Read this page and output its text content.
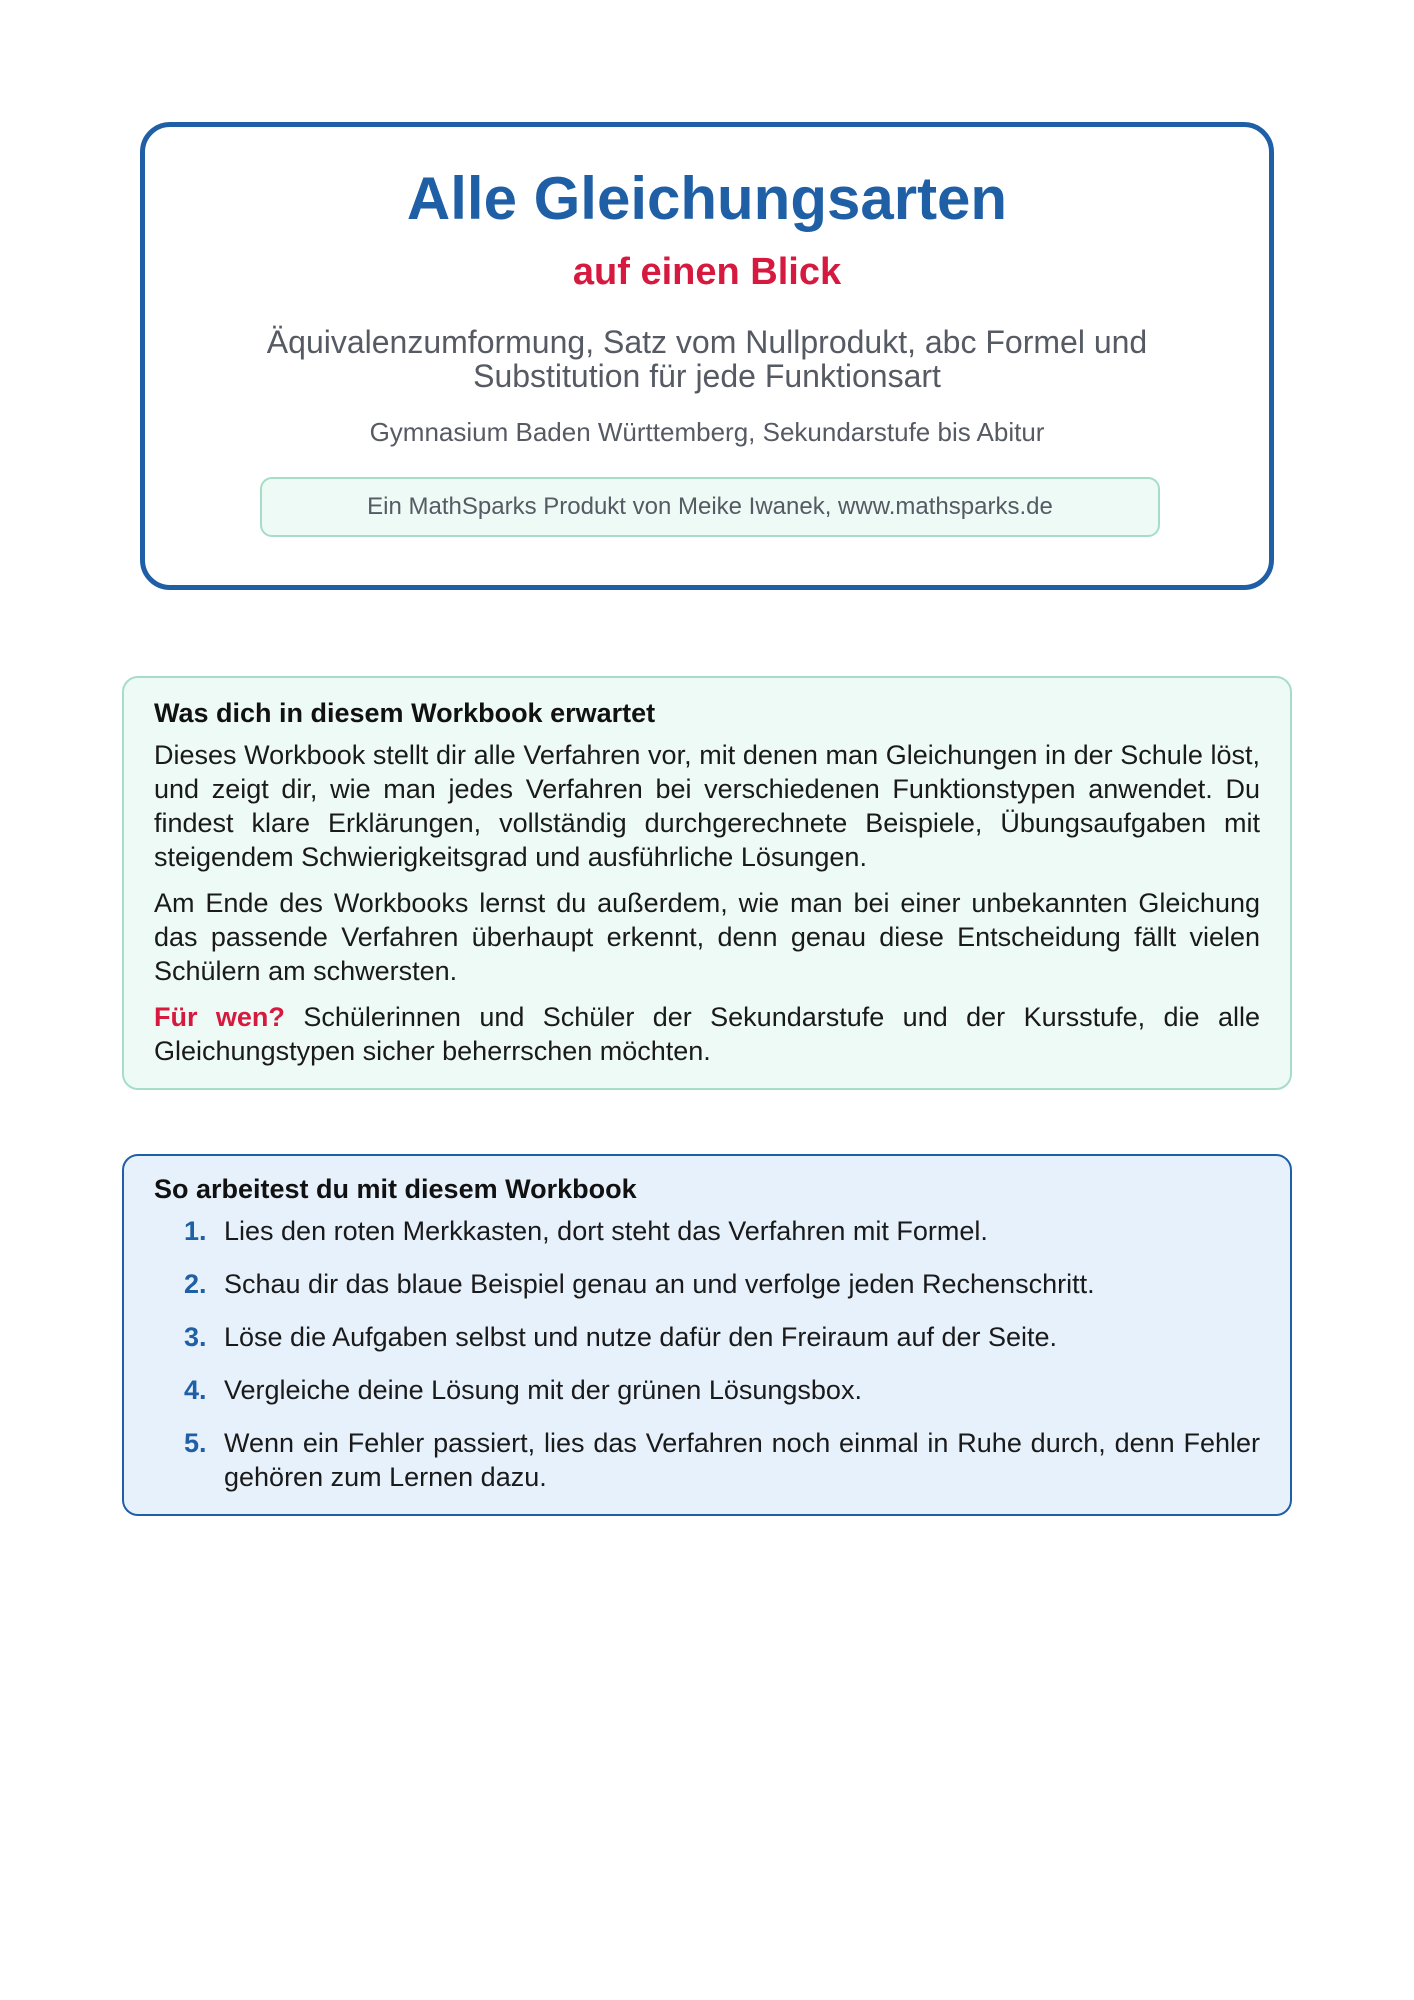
Alle Gleichungsarten
auf einen Blick

Äquivalenzumformung, Satz vom Nullprodukt, abc Formel und Substitution für jede Funktionsart

Gymnasium Baden Württemberg, Sekundarstufe bis Abitur

Ein MathSparks Produkt von Meike Iwanek, www.mathsparks.de
Was dich in diesem Workbook erwartet

Dieses Workbook stellt dir alle Verfahren vor, mit denen man Gleichungen in der Schule löst, und zeigt dir, wie man jedes Verfahren bei verschiedenen Funktionstypen anwendet. Du findest klare Erklärungen, vollständig durchgerechnete Beispiele, Übungsaufgaben mit steigendem Schwierigkeitsgrad und ausführliche Lösungen.

Am Ende des Workbooks lernst du außerdem, wie man bei einer unbekannten Gleichung das passende Verfahren überhaupt erkennt, denn genau diese Entscheidung fällt vielen Schülern am schwersten.

Für wen? Schülerinnen und Schüler der Sekundarstufe und der Kursstufe, die alle Gleichungstypen sicher beherrschen möchten.

So arbeitest du mit diesem Workbook
1. Lies den roten Merkkasten, dort steht das Verfahren mit Formel.
2. Schau dir das blaue Beispiel genau an und verfolge jeden Rechenschritt.
3. Löse die Aufgaben selbst und nutze dafür den Freiraum auf der Seite.
4. Vergleiche deine Lösung mit der grünen Lösungsbox.
5. Wenn ein Fehler passiert, lies das Verfahren noch einmal in Ruhe durch, denn Fehler gehören zum Lernen dazu.
